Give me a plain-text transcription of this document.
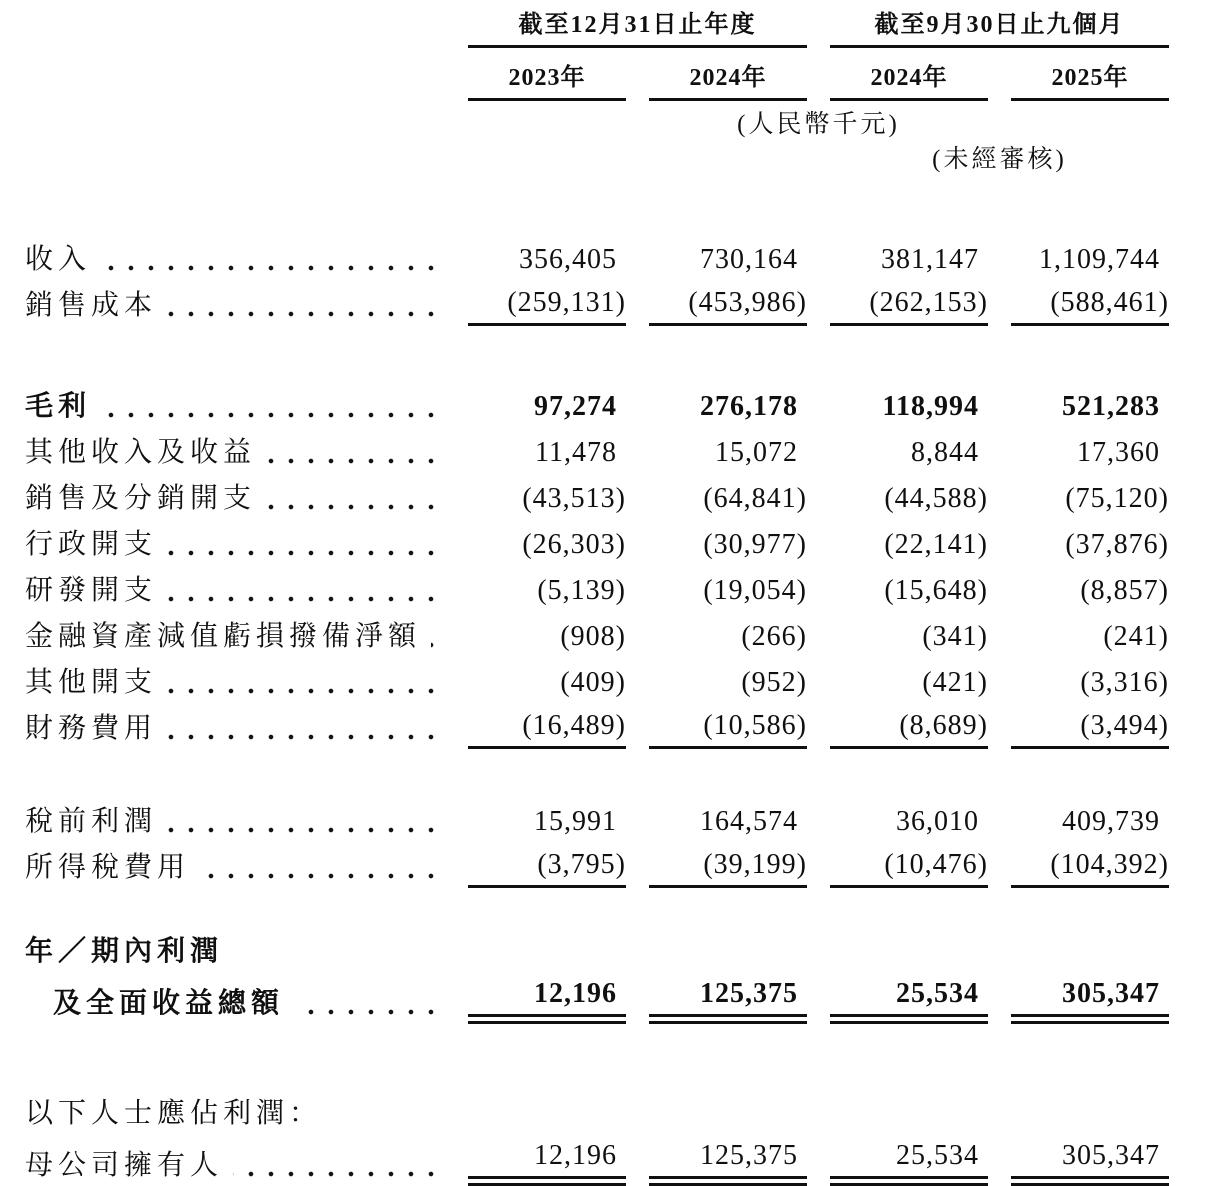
截至12月31日止年度	截至9月30日止九個月
2023年	2024年	2024年	2025年
(人民幣千元)
(未經審核)
收入	356,405	730,164	381,147	1,109,744
銷售成本	(259,131)	(453,986)	(262,153)	(588,461)
毛利	97,274	276,178	118,994	521,283
其他收入及收益	11,478	15,072	8,844	17,360
銷售及分銷開支	(43,513)	(64,841)	(44,588)	(75,120)
行政開支	(26,303)	(30,977)	(22,141)	(37,876)
研發開支	(5,139)	(19,054)	(15,648)	(8,857)
金融資產減值虧損撥備淨額	(908)	(266)	(341)	(241)
其他開支	(409)	(952)	(421)	(3,316)
財務費用	(16,489)	(10,586)	(8,689)	(3,494)
稅前利潤	15,991	164,574	36,010	409,739
所得稅費用	(3,795)	(39,199)	(10,476)	(104,392)
年／期內利潤
及全面收益總額	12,196	125,375	25,534	305,347
以下人士應佔利潤：
母公司擁有人	12,196	125,375	25,534	305,347
